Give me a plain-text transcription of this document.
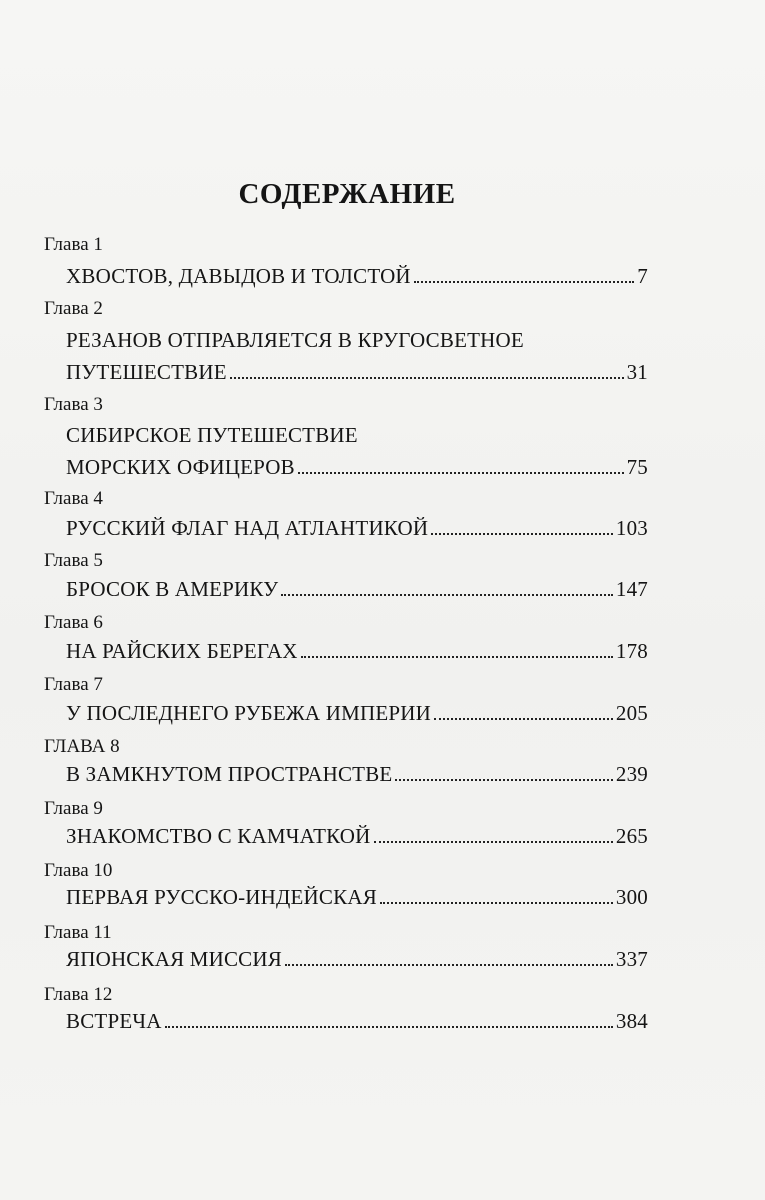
СОДЕРЖАНИЕ
Глава 1
ХВОСТОВ, ДАВЫДОВ И ТОЛСТОЙ	7
Глава 2
РЕЗАНОВ ОТПРАВЛЯЕТСЯ В КРУГОСВЕТНОЕ
ПУТЕШЕСТВИЕ	31
Глава 3
СИБИРСКОЕ ПУТЕШЕСТВИЕ
МОРСКИХ ОФИЦЕРОВ	75
Глава 4
РУССКИЙ ФЛАГ НАД АТЛАНТИКОЙ	103
Глава 5
БРОСОК В АМЕРИКУ	147
Глава 6
НА РАЙСКИХ БЕРЕГАХ	178
Глава 7
У ПОСЛЕДНЕГО РУБЕЖА ИМПЕРИИ	205
ГЛАВА 8
В ЗАМКНУТОМ ПРОСТРАНСТВЕ	239
Глава 9
ЗНАКОМСТВО С КАМЧАТКОЙ	265
Глава 10
ПЕРВАЯ РУССКО-ИНДЕЙСКАЯ	300
Глава 11
ЯПОНСКАЯ МИССИЯ	337
Глава 12
ВСТРЕЧА	384
